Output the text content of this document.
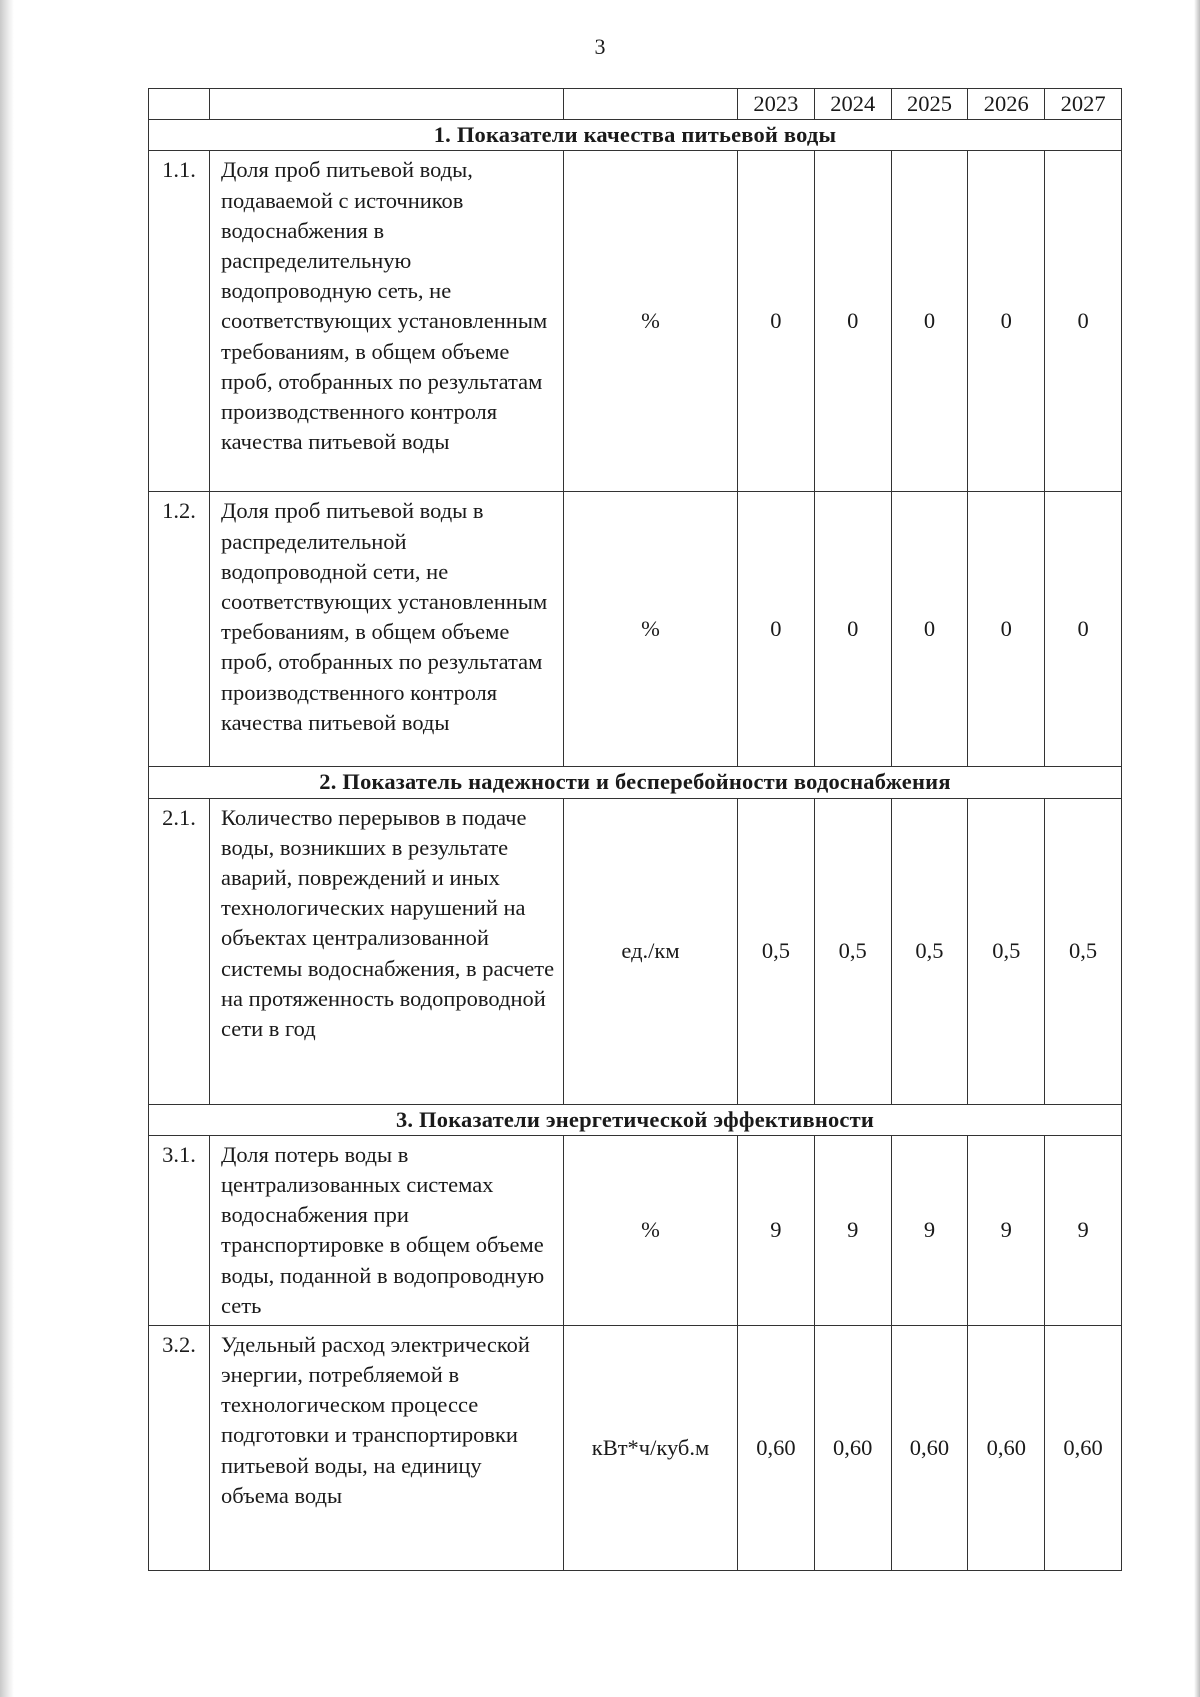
3
			2023	2024	2025	2026	2027
1. Показатели качества питьевой воды							
1.1.	Доля проб питьевой воды, подаваемой с источников водоснабжения в распределительную водопроводную сеть, не соответствующих установленным требованиям, в общем объеме проб, отобранных по результатам производственного контроля качества питьевой воды	%	0	0	0	0	0
1.2.	Доля проб питьевой воды в распределительной водопроводной сети, не соответствующих установленным требованиям, в общем объеме проб, отобранных по результатам производственного контроля качества питьевой воды	%	0	0	0	0	0
2. Показатель надежности и бесперебойности водоснабжения							
2.1.	Количество перерывов в подаче воды, возникших в результате аварий, повреждений и иных технологических нарушений на объектах централизованной системы водоснабжения, в расчете на протяженность водопроводной сети в год	ед./км	0,5	0,5	0,5	0,5	0,5
3. Показатели энергетической эффективности							
3.1.	Доля потерь воды в централизованных системах водоснабжения при транспортировке в общем объеме воды, поданной в водопроводную сеть	%	9	9	9	9	9
3.2.	Удельный расход электрической энергии, потребляемой в технологическом процессе подготовки и транспортировки питьевой воды, на единицу объема воды	кВт*ч/куб.м	0,60	0,60	0,60	0,60	0,60
